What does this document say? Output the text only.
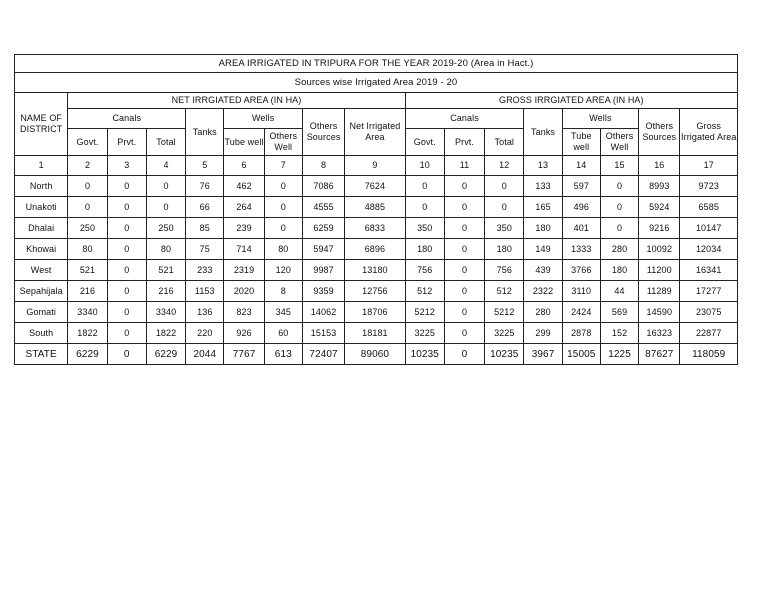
AREA IRRIGATED IN TRIPURA FOR THE YEAR 2019-20 (Area in Hact.)																
Sources wise Irrigated Area 2019 - 20																
NAME OF DISTRICT	NET IRRGIATED AREA (IN HA)								GROSS IRRGIATED AREA (IN HA)							
	Canals			Tanks	Wells		Others Sources	Net Irrigated Area	Canals			Tanks	Wells		Others Sources	Gross Irrigated Area
	Govt.	Prvt.	Total		Tube well	Others Well			Govt.	Prvt.	Total		Tube well	Others Well		
1	2	3	4	5	6	7	8	9	10	11	12	13	14	15	16	17
North	0	0	0	76	462	0	7086	7624	0	0	0	133	597	0	8993	9723
Unakoti	0	0	0	66	264	0	4555	4885	0	0	0	165	496	0	5924	6585
Dhalai	250	0	250	85	239	0	6259	6833	350	0	350	180	401	0	9216	10147
Khowai	80	0	80	75	714	80	5947	6896	180	0	180	149	1333	280	10092	12034
West	521	0	521	233	2319	120	9987	13180	756	0	756	439	3766	180	11200	16341
Sepahijala	216	0	216	1153	2020	8	9359	12756	512	0	512	2322	3110	44	11289	17277
Gomati	3340	0	3340	136	823	345	14062	18706	5212	0	5212	280	2424	569	14590	23075
South	1822	0	1822	220	926	60	15153	18181	3225	0	3225	299	2878	152	16323	22877
STATE	6229	0	6229	2044	7767	613	72407	89060	10235	0	10235	3967	15005	1225	87627	118059
